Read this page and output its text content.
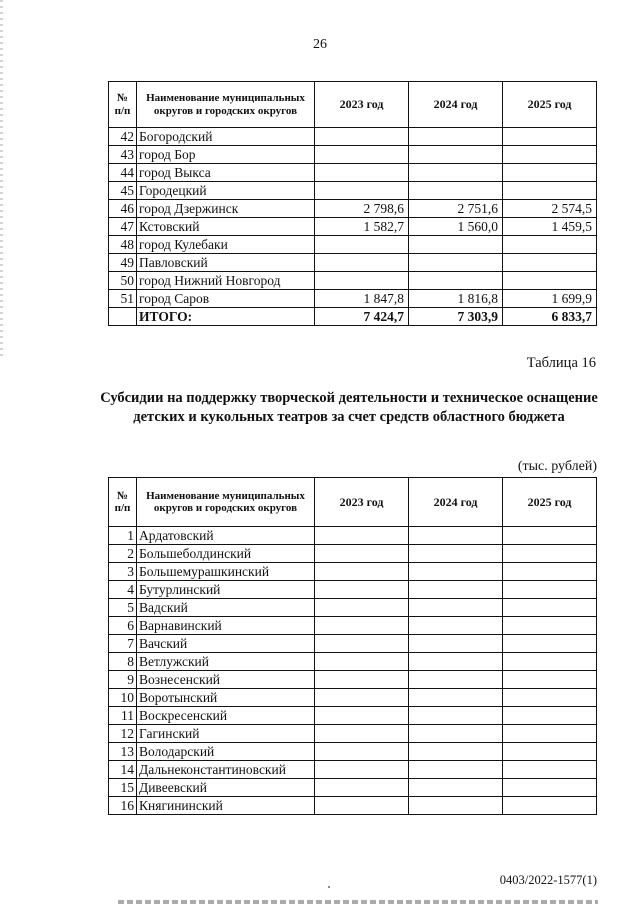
26
№
п/п	Наименование муниципальных округов и городских округов	2023 год	2024 год	2025 год
42	Богородский			
43	город Бор			
44	город Выкса			
45	Городецкий			
46	город Дзержинск	2 798,6	2 751,6	2 574,5
47	Кстовский	1 582,7	1 560,0	1 459,5
48	город Кулебаки			
49	Павловский			
50	город Нижний Новгород			
51	город Саров	1 847,8	1 816,8	1 699,9
	ИТОГО:	7 424,7	7 303,9	6 833,7
Таблица 16
Субсидии на поддержку творческой деятельности и техническое оснащение детских и кукольных театров за счет средств областного бюджета
(тыс. рублей)
№
п/п	Наименование муниципальных округов и городских округов	2023 год	2024 год	2025 год
1	Ардатовский			
2	Большеболдинский			
3	Большемурашкинский			
4	Бутурлинский			
5	Вадский			
6	Варнавинский			
7	Вачский			
8	Ветлужский			
9	Вознесенский			
10	Воротынский			
11	Воскресенский			
12	Гагинский			
13	Володарский			
14	Дальнеконстантиновский			
15	Дивеевский			
16	Княгининский			
0403/2022-1577(1)
